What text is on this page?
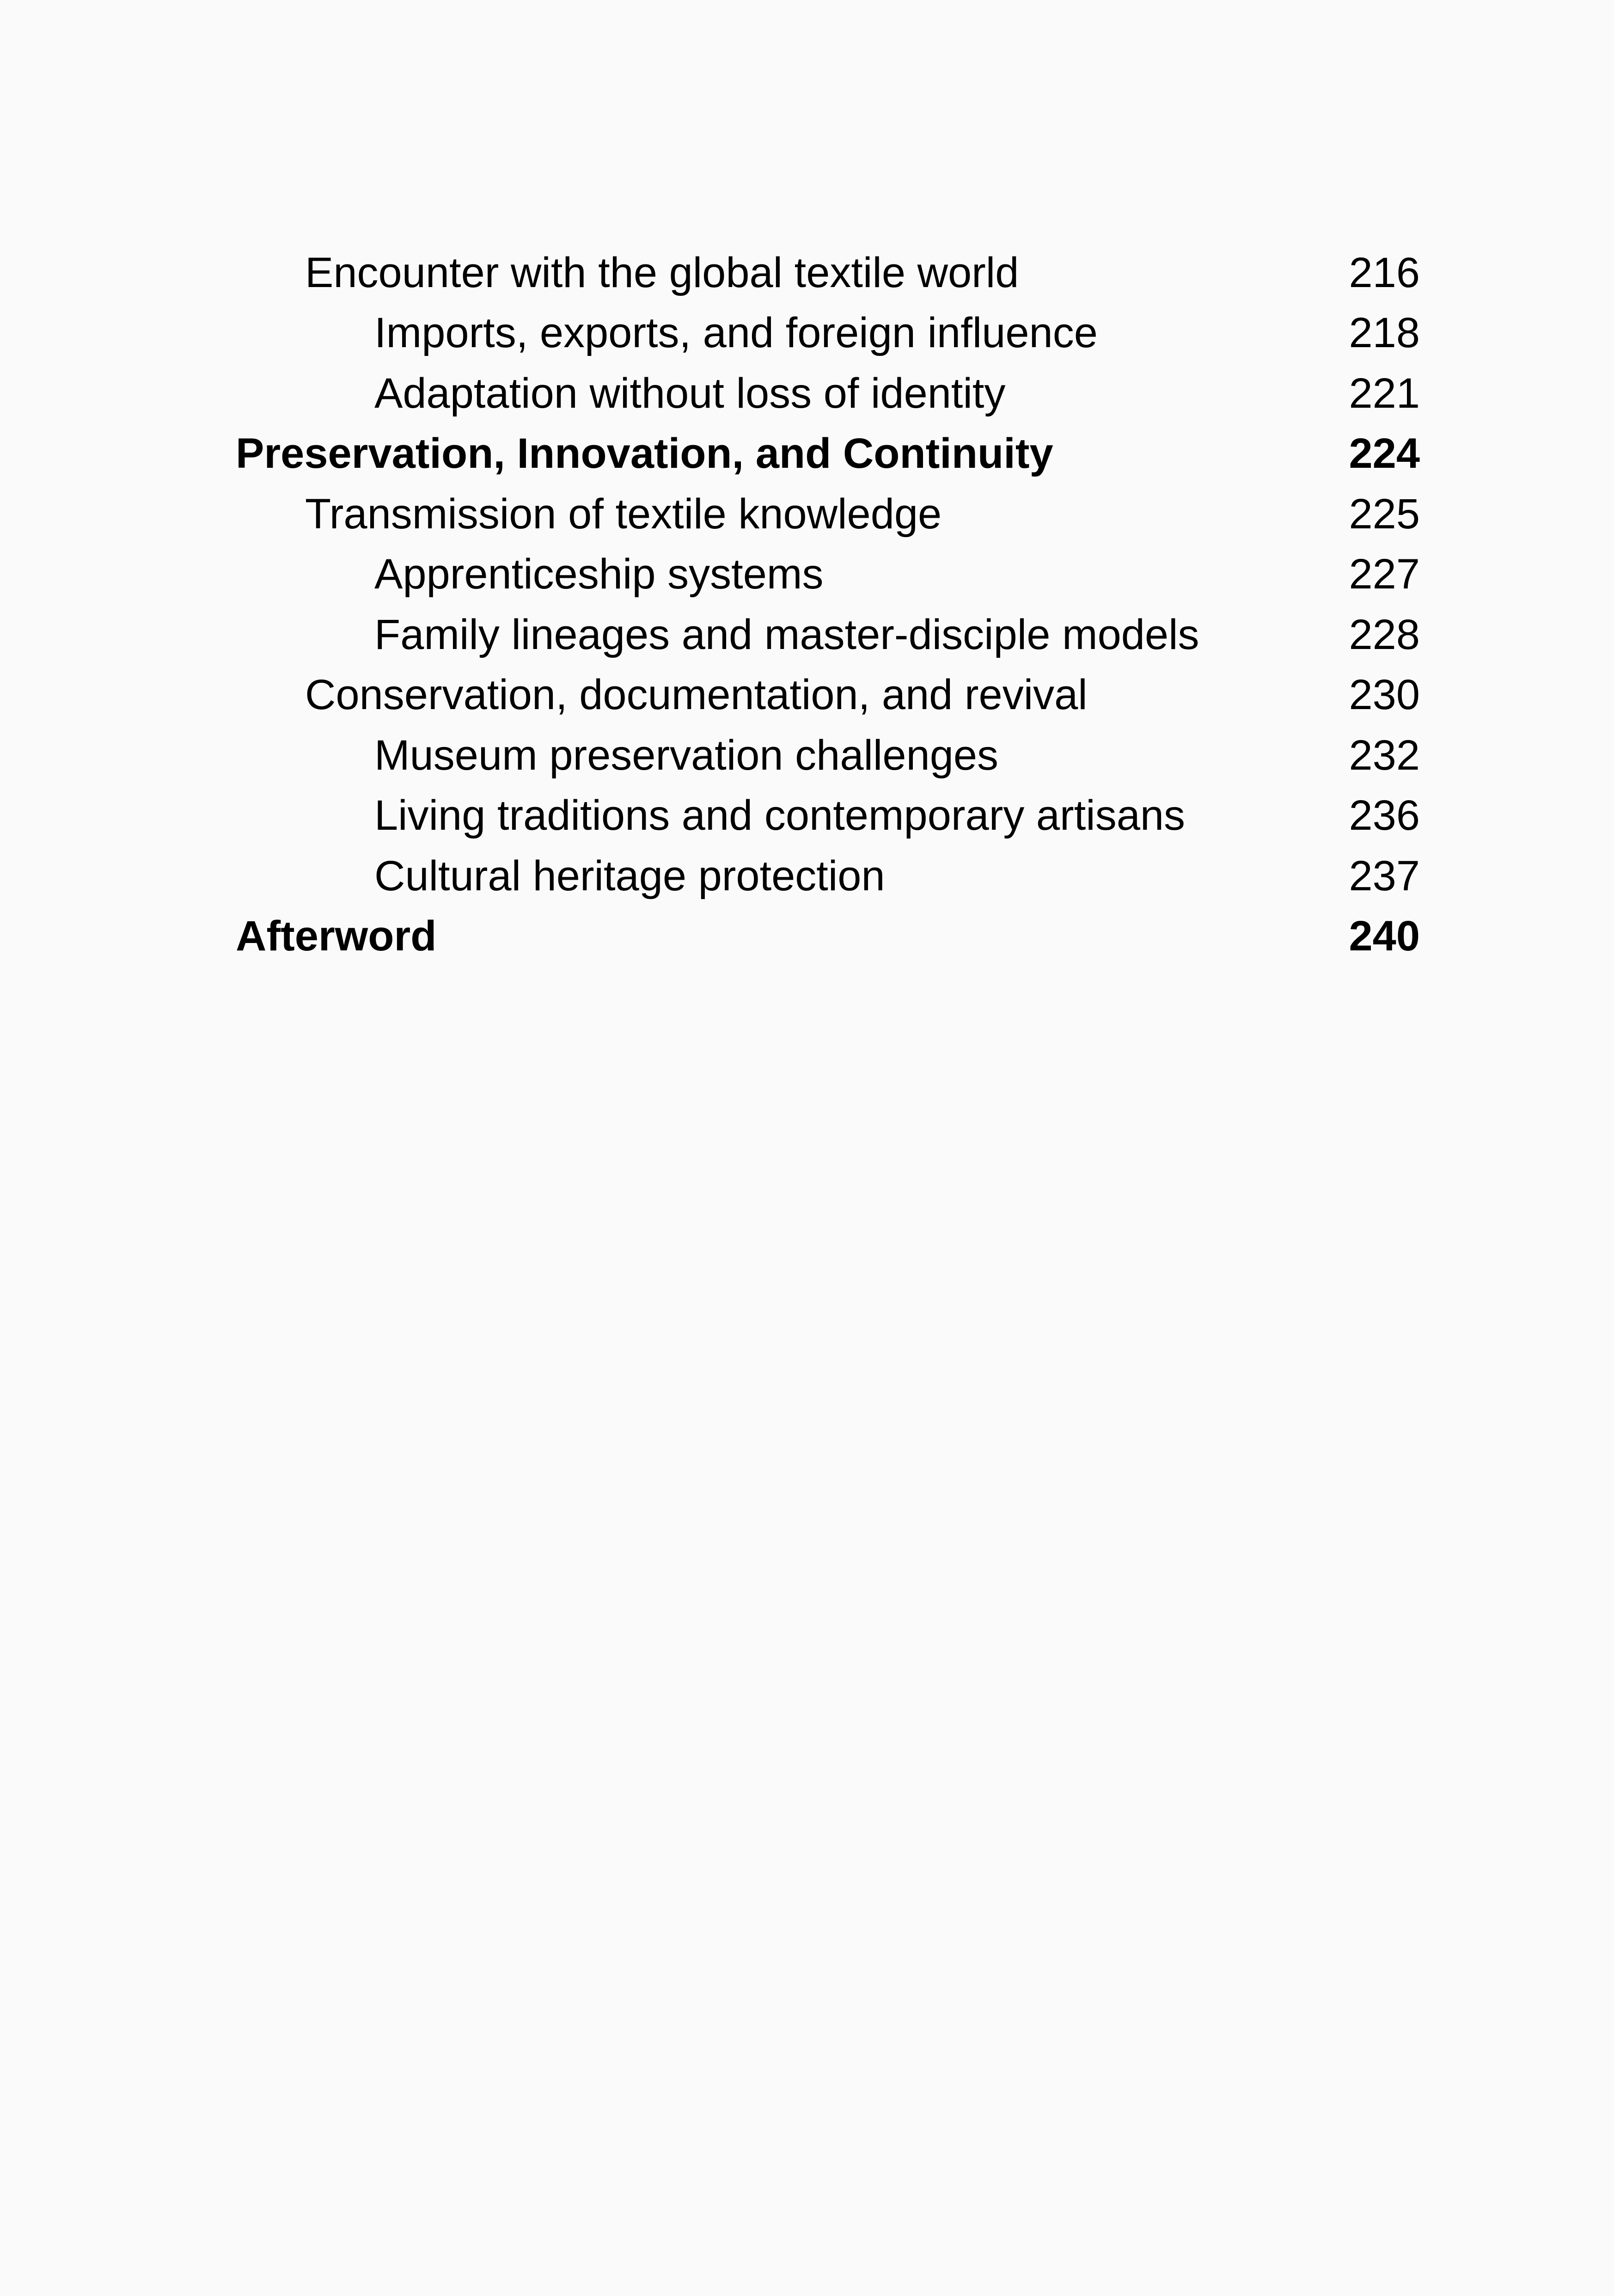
Encounter with the global textile world	216
Imports, exports, and foreign influence	218
Adaptation without loss of identity	221
Preservation, Innovation, and Continuity	224
Transmission of textile knowledge	225
Apprenticeship systems	227
Family lineages and master-disciple models	228
Conservation, documentation, and revival	230
Museum preservation challenges	232
Living traditions and contemporary artisans	236
Cultural heritage protection	237
Afterword	240
